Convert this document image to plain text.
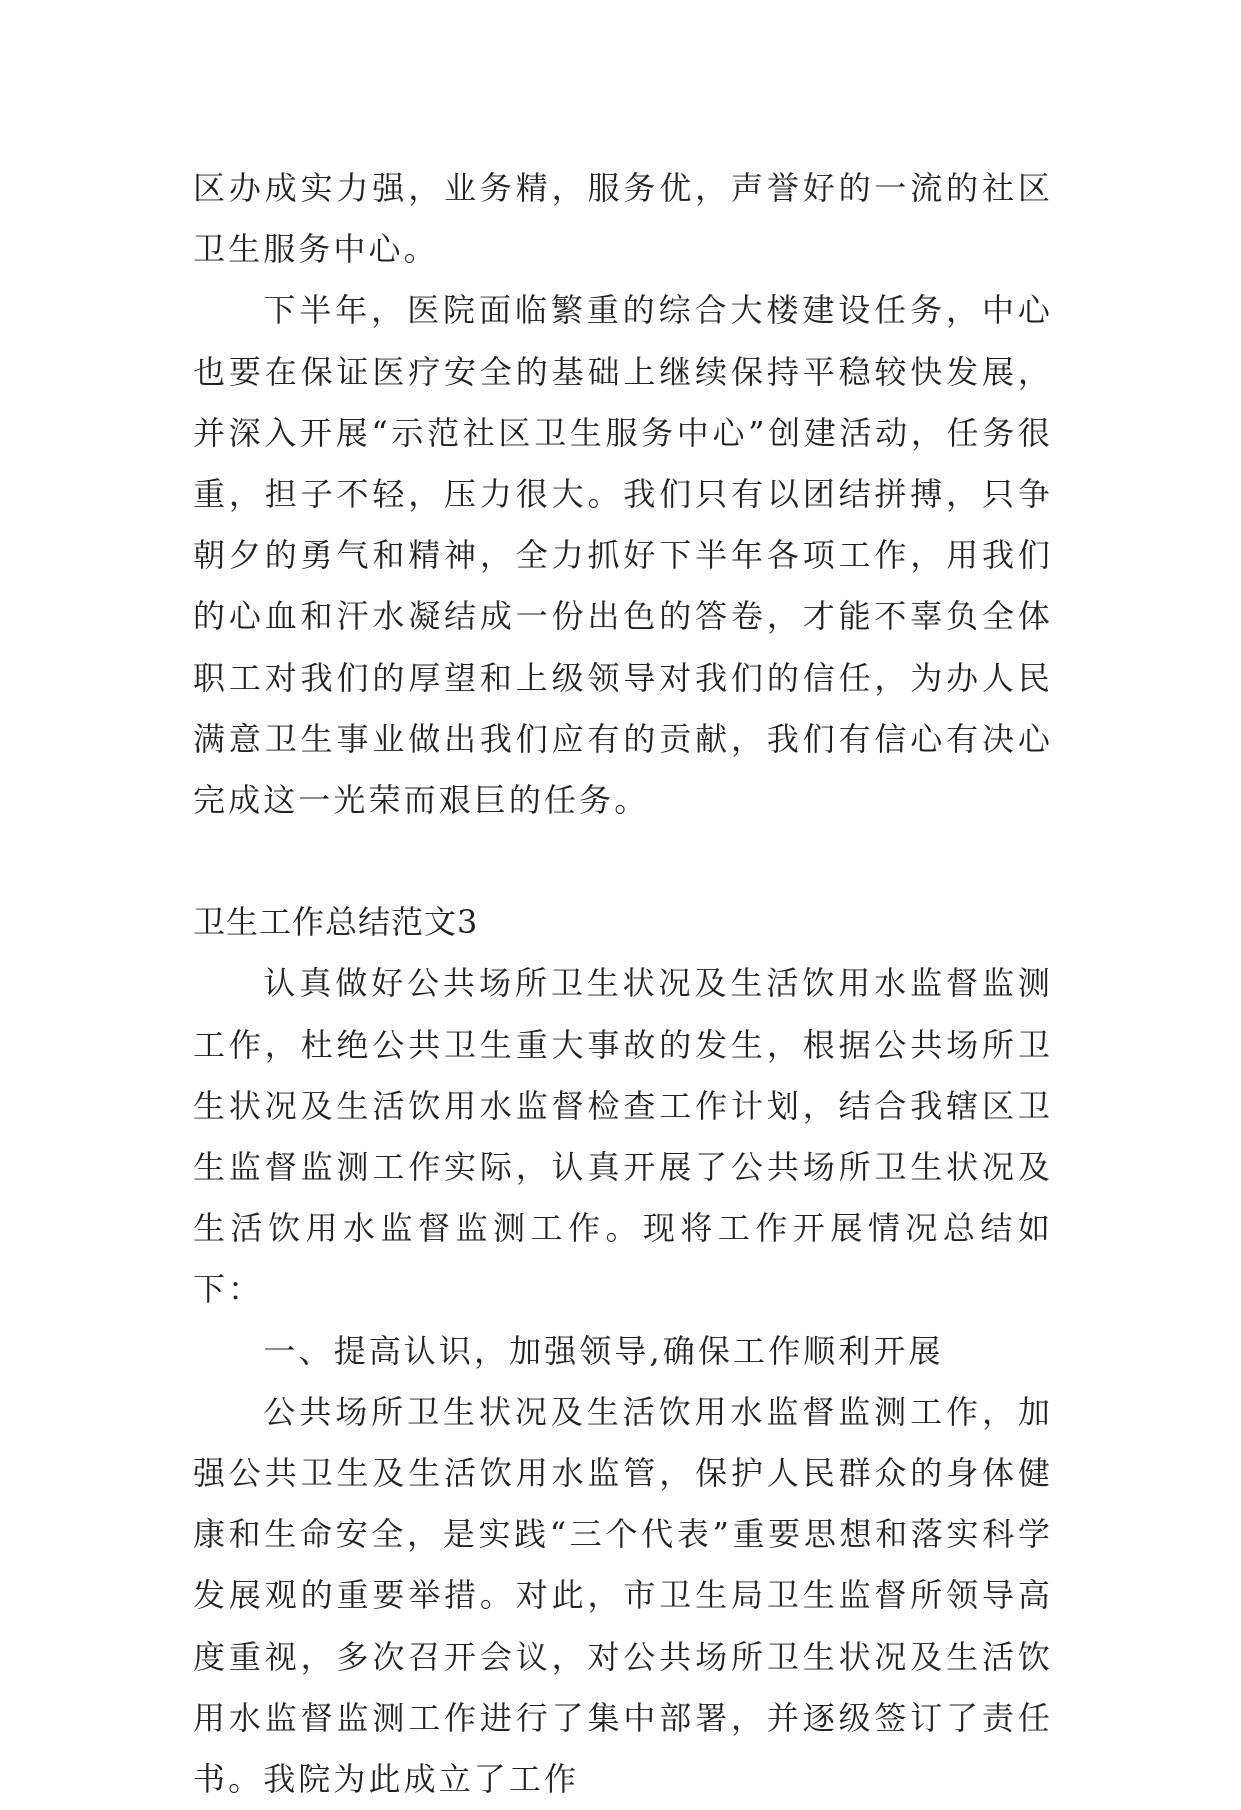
区办成实力强，业务精，服务优，声誉好的一流的社区卫生服务中心。

下半年，医院面临繁重的综合大楼建设任务，中心也要在保证医疗安全的基础上继续保持平稳较快发展，并深入开展“示范社区卫生服务中心”创建活动，任务很重，担子不轻，压力很大。我们只有以团结拼搏，只争朝夕的勇气和精神，全力抓好下半年各项工作，用我们的心血和汗水凝结成一份出色的答卷，才能不辜负全体职工对我们的厚望和上级领导对我们的信任，为办人民满意卫生事业做出我们应有的贡献，我们有信心有决心完成这一光荣而艰巨的任务。

卫生工作总结范文3

认真做好公共场所卫生状况及生活饮用水监督监测工作，杜绝公共卫生重大事故的发生，根据公共场所卫生状况及生活饮用水监督检查工作计划，结合我辖区卫生监督监测工作实际，认真开展了公共场所卫生状况及生活饮用水监督监测工作。现将工作开展情况总结如下：

一、提高认识，加强领导,确保工作顺利开展

公共场所卫生状况及生活饮用水监督监测工作，加强公共卫生及生活饮用水监管，保护人民群众的身体健康和生命安全，是实践“三个代表”重要思想和落实科学发展观的重要举措。对此，市卫生局卫生监督所领导高度重视，多次召开会议，对公共场所卫生状况及生活饮用水监督监测工作进行了集中部署，并逐级签订了责任书。我院为此成立了工作
